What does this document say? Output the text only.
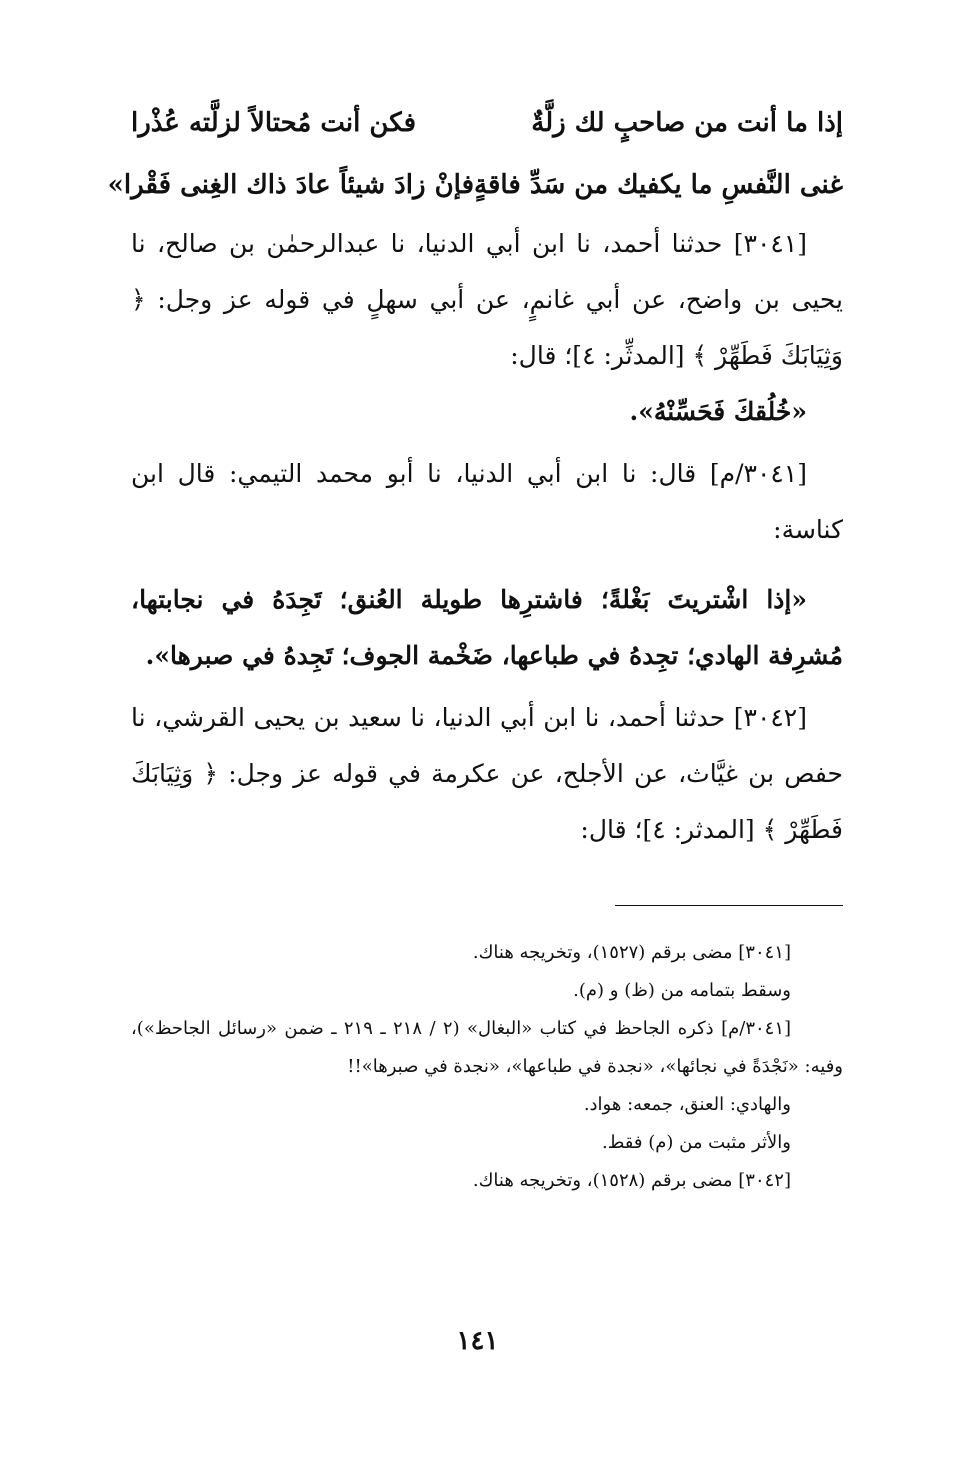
إذا ما أنت من صاحبٍ لك زلَّةٌ
فكن أنت مُحتالاً لزلَّته عُذْرا
غنى النَّفسِ ما يكفيك من سَدِّ فاقةٍ
فإنْ زادَ شيئاً عادَ ذاك الغِنى فَقْرا»

[٣٠٤١] حدثنا أحمد، نا ابن أبي الدنيا، نا عبدالرحمٰن بن صالح، نا يحيى بن واضح، عن أبي غانمٍ، عن أبي سهلٍ في قوله عز وجل: ﴿ وَثِيَابَكَ فَطَهِّرْ ﴾ [المدثِّر: ٤]؛ قال:

«خُلُقكَ فَحَسِّنْهُ».

[٣٠٤١/م] قال: نا ابن أبي الدنيا، نا أبو محمد التيمي: قال ابن كناسة:

«إذا اشْتريتَ بَغْلةً؛ فاشترِها طويلة العُنق؛ تَجِدَهُ في نجابتها، مُشرِفة الهادي؛ تجِدهُ في طباعها، ضَخْمة الجوف؛ تَجِدهُ في صبرها».

[٣٠٤٢] حدثنا أحمد، نا ابن أبي الدنيا، نا سعيد بن يحيى القرشي، نا حفص بن غيَّاث، عن الأجلح، عن عكرمة في قوله عز وجل: ﴿ وَثِيَابَكَ فَطَهِّرْ ﴾ [المدثر: ٤]؛ قال:

[٣٠٤١] مضى برقم (١٥٢٧)، وتخريجه هناك.

وسقط بتمامه من (ظ) و (م).

[٣٠٤١/م] ذكره الجاحظ في كتاب «البغال» (٢ / ٢١٨ ـ ٢١٩ ـ ضمن «رسائل الجاحظ»)، وفيه: «نَجْدَةً في نجائها»، «نجدة في طباعها»، «نجدة في صبرها»!!

والهادي: العنق، جمعه: هواد.

والأثر مثبت من (م) فقط.

[٣٠٤٢] مضى برقم (١٥٢٨)، وتخريجه هناك.

١٤١
